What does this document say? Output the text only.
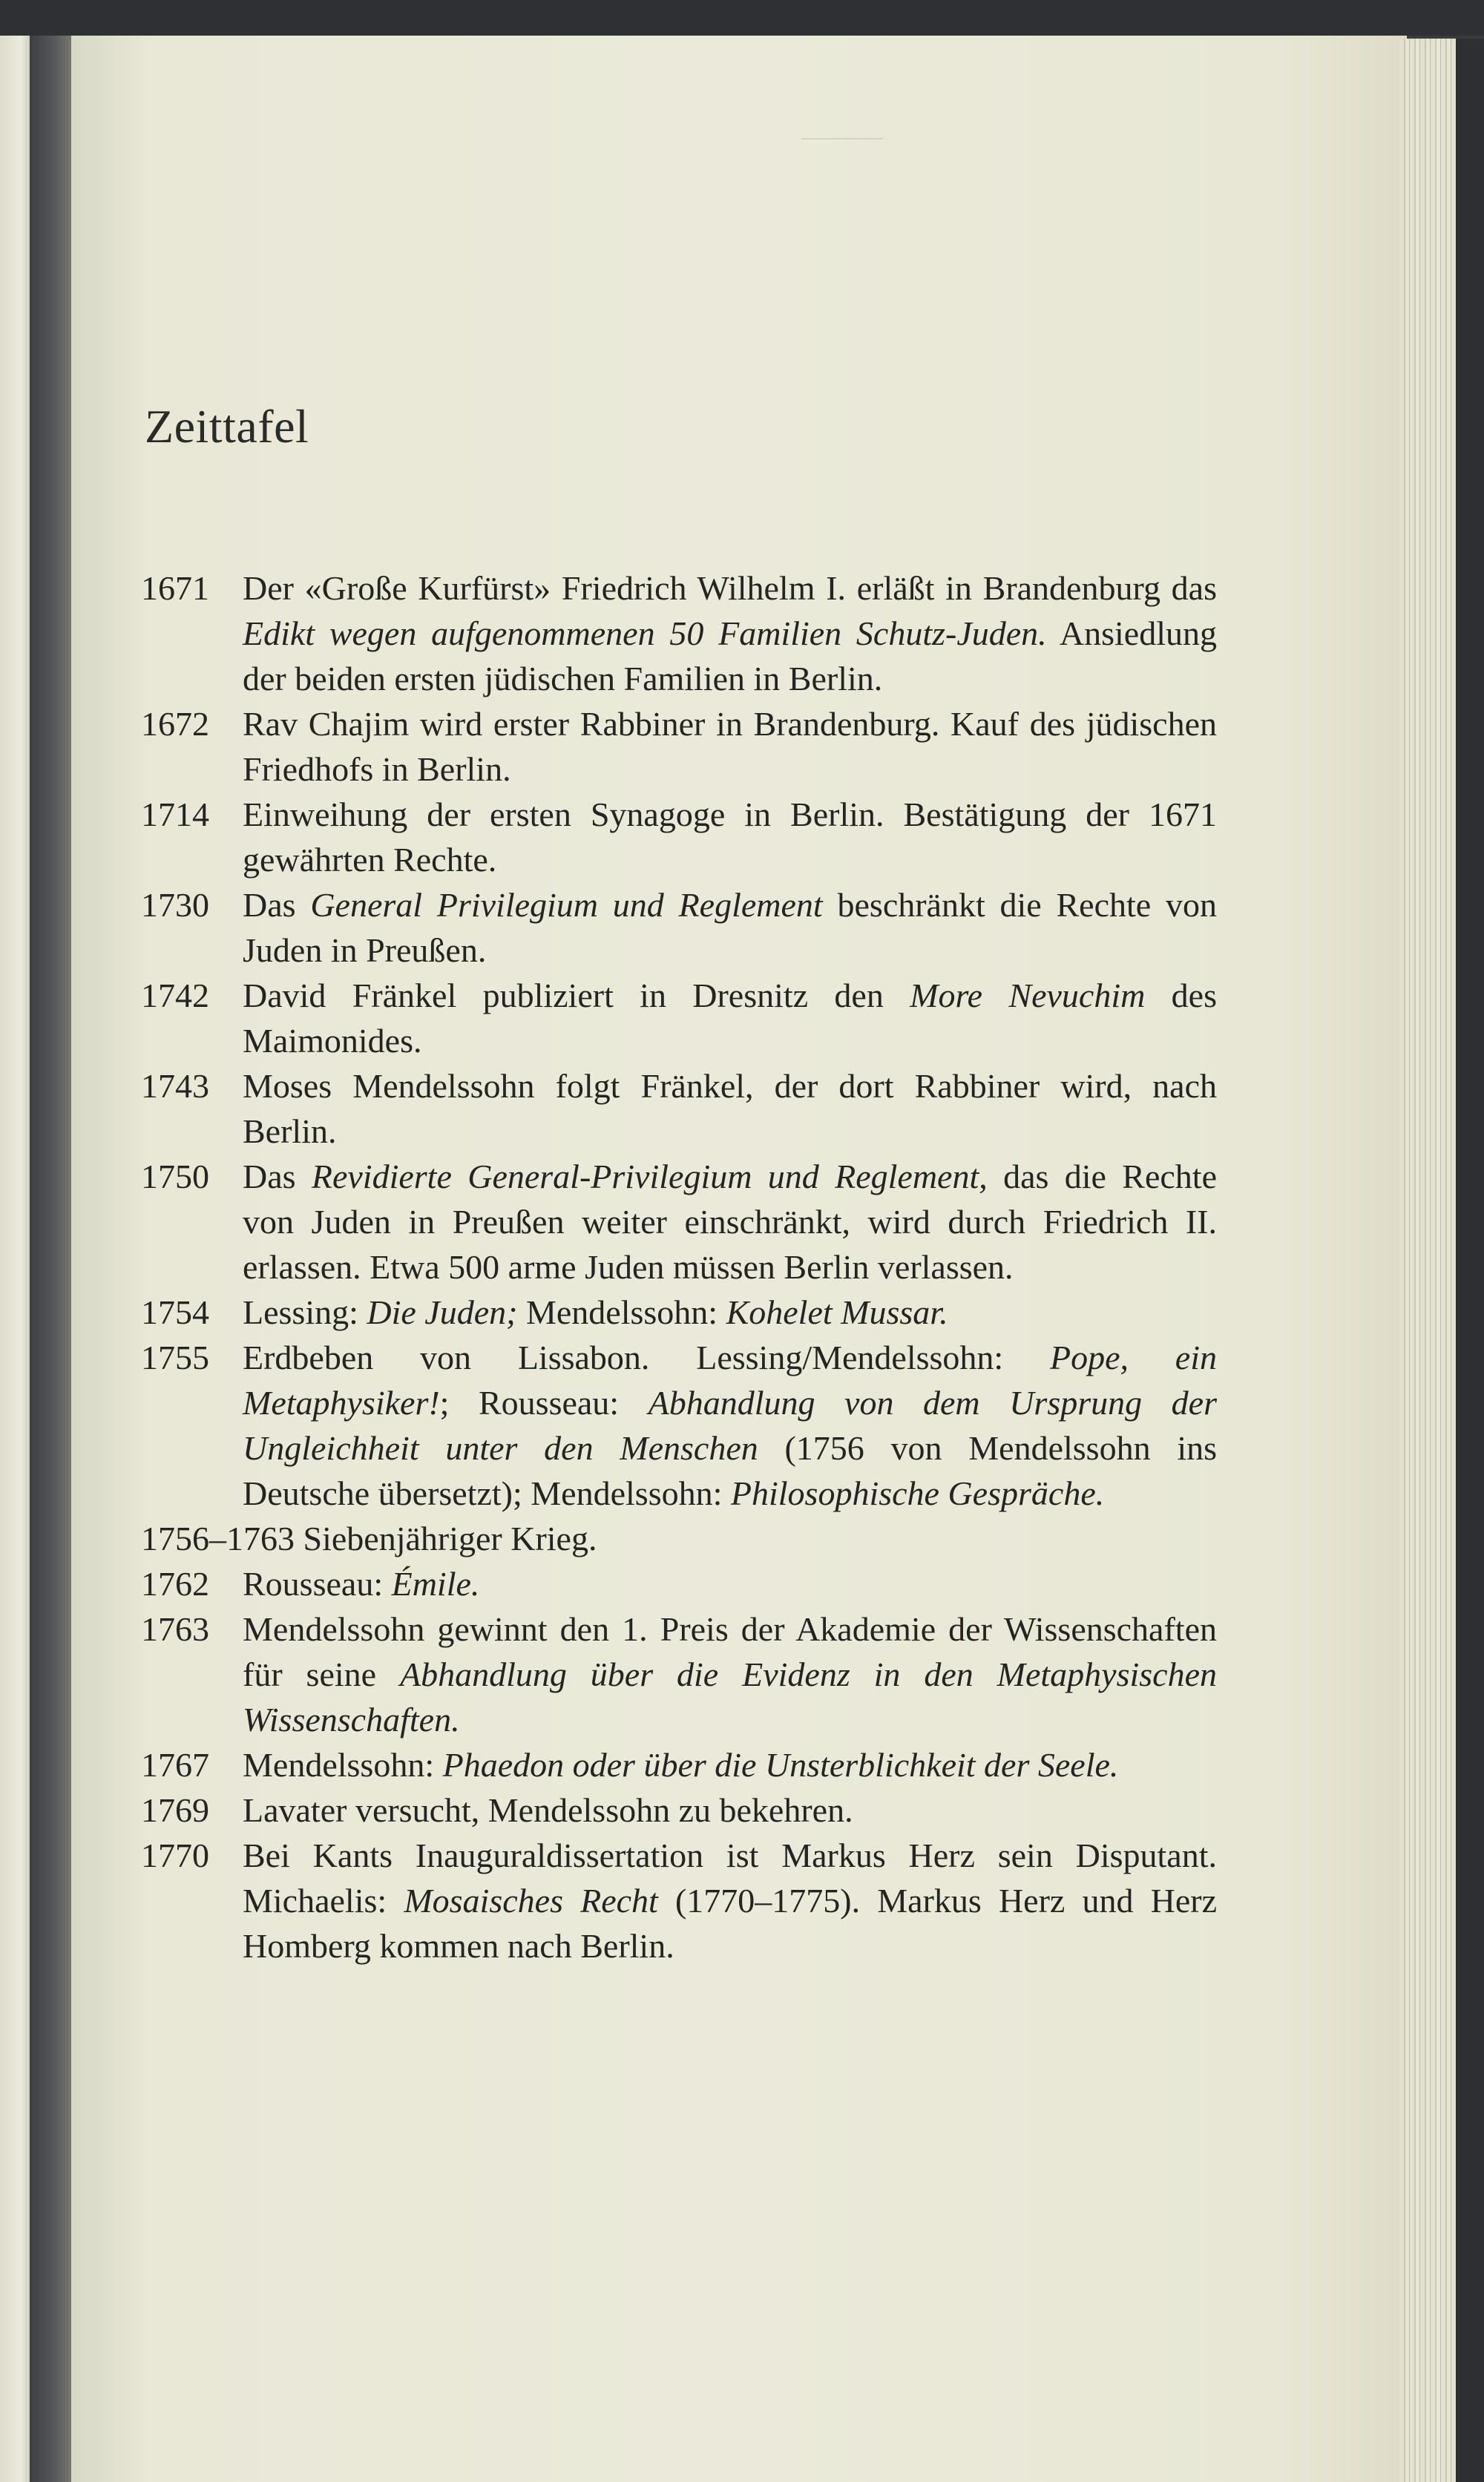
Zeittafel
1671 Der «Große Kurfürst» Friedrich Wilhelm I. erläßt in Brandenburg das Edikt wegen aufgenommenen 50 Familien Schutz-Juden. Ansiedlung der beiden ersten jüdischen Familien in Berlin.
1672 Rav Chajim wird erster Rabbiner in Brandenburg. Kauf des jüdischen Friedhofs in Berlin.
1714 Einweihung der ersten Synagoge in Berlin. Bestätigung der 1671 gewährten Rechte.
1730 Das General Privilegium und Reglement beschränkt die Rechte von Juden in Preußen.
1742 David Fränkel publiziert in Dresnitz den More Nevuchim des Maimonides.
1743 Moses Mendelssohn folgt Fränkel, der dort Rabbiner wird, nach Berlin.
1750 Das Revidierte General-Privilegium und Reglement, das die Rechte von Juden in Preußen weiter einschränkt, wird durch Friedrich II. erlassen. Etwa 500 arme Juden müssen Berlin verlassen.
1754 Lessing: Die Juden; Mendelssohn: Kohelet Mussar.
1755 Erdbeben von Lissabon. Lessing/Mendelssohn: Pope, ein Metaphysiker!; Rousseau: Abhandlung von dem Ursprung der Ungleichheit unter den Menschen (1756 von Mendelssohn ins Deutsche übersetzt); Mendelssohn: Philosophische Gespräche.
1756–1763 Siebenjähriger Krieg.
1762 Rousseau: Émile.
1763 Mendelssohn gewinnt den 1. Preis der Akademie der Wissenschaften für seine Abhandlung über die Evidenz in den Metaphysischen Wissenschaften.
1767 Mendelssohn: Phaedon oder über die Unsterblichkeit der Seele.
1769 Lavater versucht, Mendelssohn zu bekehren.
1770 Bei Kants Inauguraldissertation ist Markus Herz sein Disputant. Michaelis: Mosaisches Recht (1770–1775). Markus Herz und Herz Homberg kommen nach Berlin.
